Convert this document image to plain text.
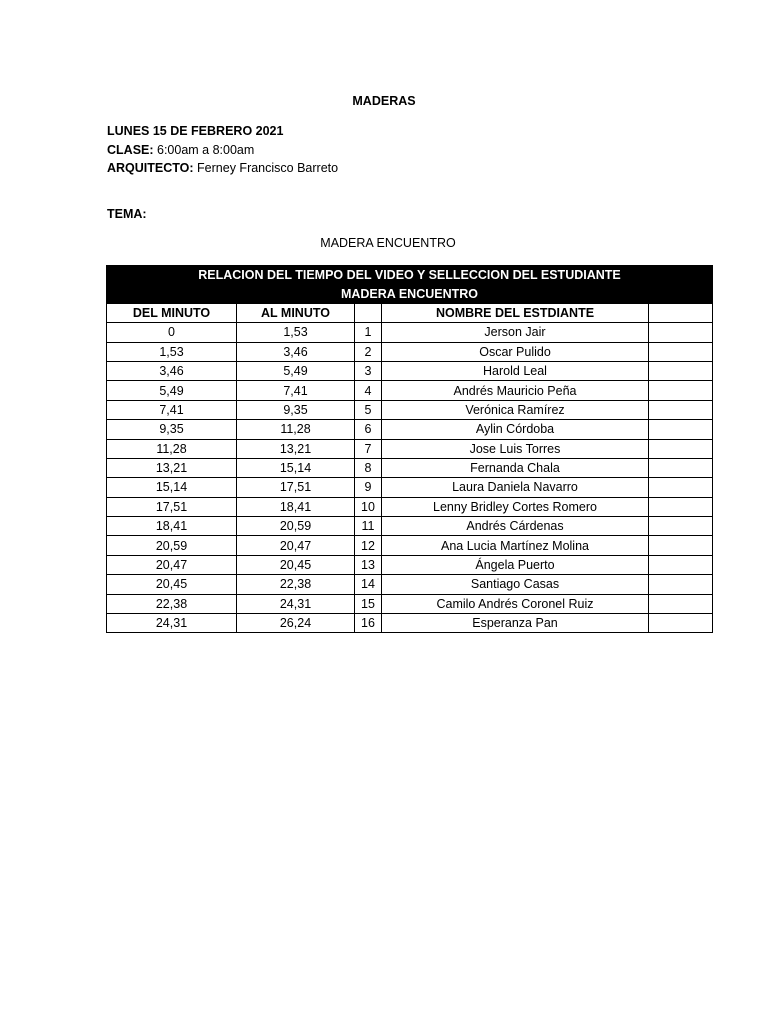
MADERAS
LUNES 15 DE FEBRERO 2021
CLASE: 6:00am a 8:00am
ARQUITECTO: Ferney Francisco Barreto
TEMA:
MADERA ENCUENTRO
RELACION DEL TIEMPO DEL VIDEO Y SELLECCION DEL ESTUDIANTE				
MADERA ENCUENTRO				
DEL MINUTO	AL MINUTO		NOMBRE DEL ESTDIANTE	
0	1,53	1	Jerson Jair	
1,53	3,46	2	Oscar Pulido	
3,46	5,49	3	Harold Leal	
5,49	7,41	4	Andrés Mauricio Peña	
7,41	9,35	5	Verónica Ramírez	
9,35	11,28	6	Aylin Córdoba	
11,28	13,21	7	Jose Luis Torres	
13,21	15,14	8	Fernanda Chala	
15,14	17,51	9	Laura Daniela Navarro	
17,51	18,41	10	Lenny Bridley Cortes Romero	
18,41	20,59	11	Andrés Cárdenas	
20,59	20,47	12	Ana Lucia Martínez Molina	
20,47	20,45	13	Ángela Puerto	
20,45	22,38	14	Santiago Casas	
22,38	24,31	15	Camilo Andrés Coronel Ruiz	
24,31	26,24	16	Esperanza Pan	
